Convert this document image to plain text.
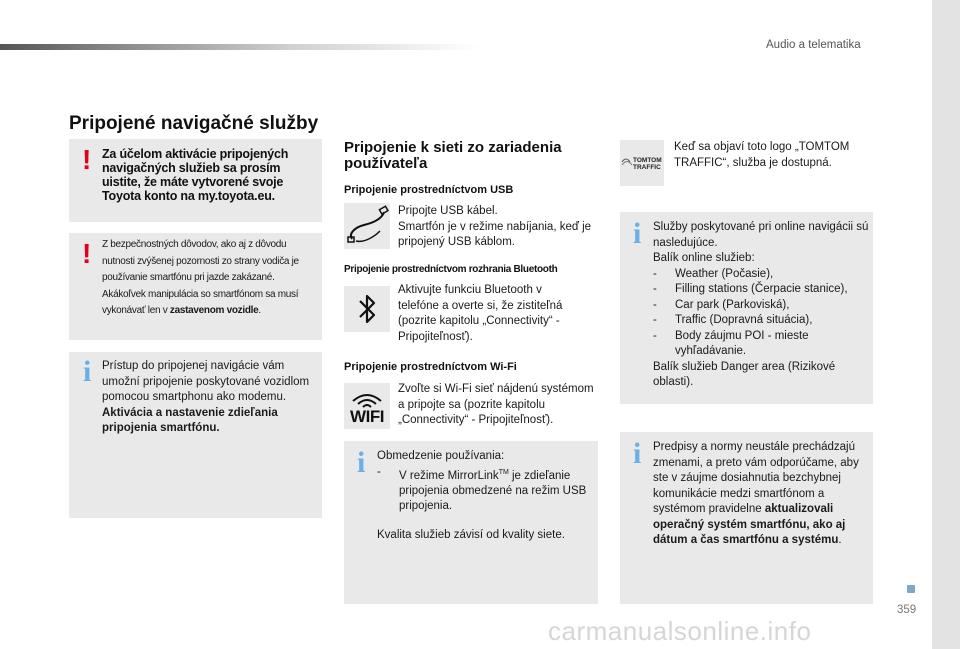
Audio a telematika
Pripojené navigačné služby
! Za účelom aktivácie pripojených navigačných služieb sa prosím uistite, že máte vytvorené svoje Toyota konto na my.toyota.eu.
! Z bezpečnostných dôvodov, ako aj z dôvodu nutnosti zvýšenej pozornosti zo strany vodiča je používanie smartfónu pri jazde zakázané.
Akákoľvek manipulácia so smartfónom sa musí vykonávať len v zastavenom vozidle.
i Prístup do pripojenej navigácie vám umožní pripojenie poskytované vozidlom pomocou smartphonu ako modemu.
Aktivácia a nastavenie zdieľania pripojenia smartfónu.
Pripojenie k sieti zo zariadenia používateľa
Pripojenie prostredníctvom USB
Pripojte USB kábel.
Smartfón je v režime nabíjania, keď je pripojený USB káblom.
Pripojenie prostredníctvom rozhrania Bluetooth
Aktivujte funkciu Bluetooth v telefóne a overte si, že zistiteľná (pozrite kapitolu „Connectivity“ - Pripojiteľnosť).
Pripojenie prostredníctvom Wi-Fi
WIFI
Zvoľte si Wi-Fi sieť nájdenú systémom a pripojte sa (pozrite kapitolu „Connectivity“ - Pripojiteľnosť).
i Obmedzenie používania:
- V režime MirrorLink™ je zdieľanie pripojenia obmedzené na režim USB pripojenia.
Kvalita služieb závisí od kvality siete.
TOMTOM
TRAFFIC
Keď sa objaví toto logo „TOMTOM TRAFFIC“, služba je dostupná.
i Služby poskytované pri online navigácii sú nasledujúce.
Balík online služieb:
- Weather (Počasie),
- Filling stations (Čerpacie stanice),
- Car park (Parkoviská),
- Traffic (Dopravná situácia),
- Body záujmu POI - mieste vyhľadávanie.
Balík služieb Danger area (Rizikové oblasti).
i Predpisy a normy neustále prechádzajú zmenami, a preto vám odporúčame, aby ste v záujme dosiahnutia bezchybnej komunikácie medzi smartfónom a systémom pravidelne aktualizovali operačný systém smartfónu, ako aj dátum a čas smartfónu a systému.
359
carmanualsonline.info
